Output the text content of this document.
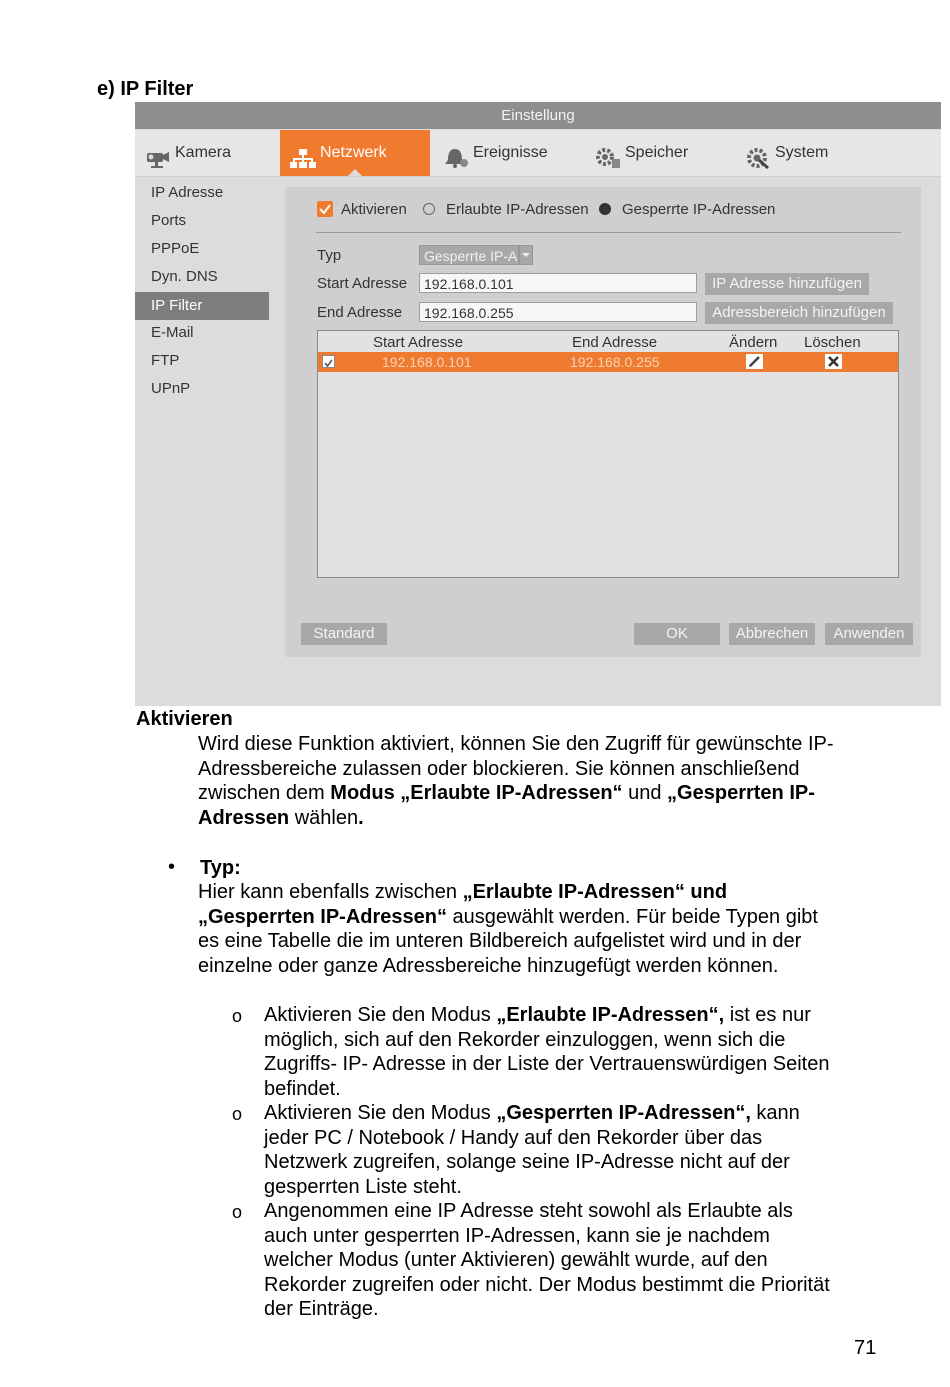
e) IP Filter
Einstellung
Kamera	Netzwerk	Ereignisse	Speicher	System
IP Adresse
Ports
PPPoE
Dyn. DNS
IP Filter
E-Mail
FTP
UPnP
Aktivieren	Erlaubte IP-Adressen Gesperrte IP-Adressen
Typ	Gesperrte IP-A
Start Adresse	192.168.0.101	IP Adresse hinzufügen
End Adresse	192.168.0.255	Adressbereich hinzufügen
Start Adresse	End Adresse	Ändern Löschen
192.168.0.101	192.168.0.255
Standard	OK	Abbrechen	Anwenden
Aktivieren
Wird diese Funktion aktiviert, können Sie den Zugriff für gewünschte IP-
Adressbereiche zulassen oder blockieren. Sie können anschließend
zwischen dem Modus „Erlaubte IP-Adressen“ und „Gesperrten IP-
Adressen wählen.
• Typ:
Hier kann ebenfalls zwischen „Erlaubte IP-Adressen“ und
„Gesperrten IP-Adressen“ ausgewählt werden. Für beide Typen gibt
es eine Tabelle die im unteren Bildbereich aufgelistet wird und in der
einzelne oder ganze Adressbereiche hinzugefügt werden können.
o Aktivieren Sie den Modus „Erlaubte IP-Adressen“, ist es nur
möglich, sich auf den Rekorder einzuloggen, wenn sich die
Zugriffs- IP- Adresse in der Liste der Vertrauenswürdigen Seiten
befindet.
o Aktivieren Sie den Modus „Gesperrten IP-Adressen“, kann
jeder PC / Notebook / Handy auf den Rekorder über das
Netzwerk zugreifen, solange seine IP-Adresse nicht auf der
gesperrten Liste steht.
o Angenommen eine IP Adresse steht sowohl als Erlaubte als
auch unter gesperrten IP-Adressen, kann sie je nachdem
welcher Modus (unter Aktivieren) gewählt wurde, auf den
Rekorder zugreifen oder nicht. Der Modus bestimmt die Priorität
der Einträge.
71
